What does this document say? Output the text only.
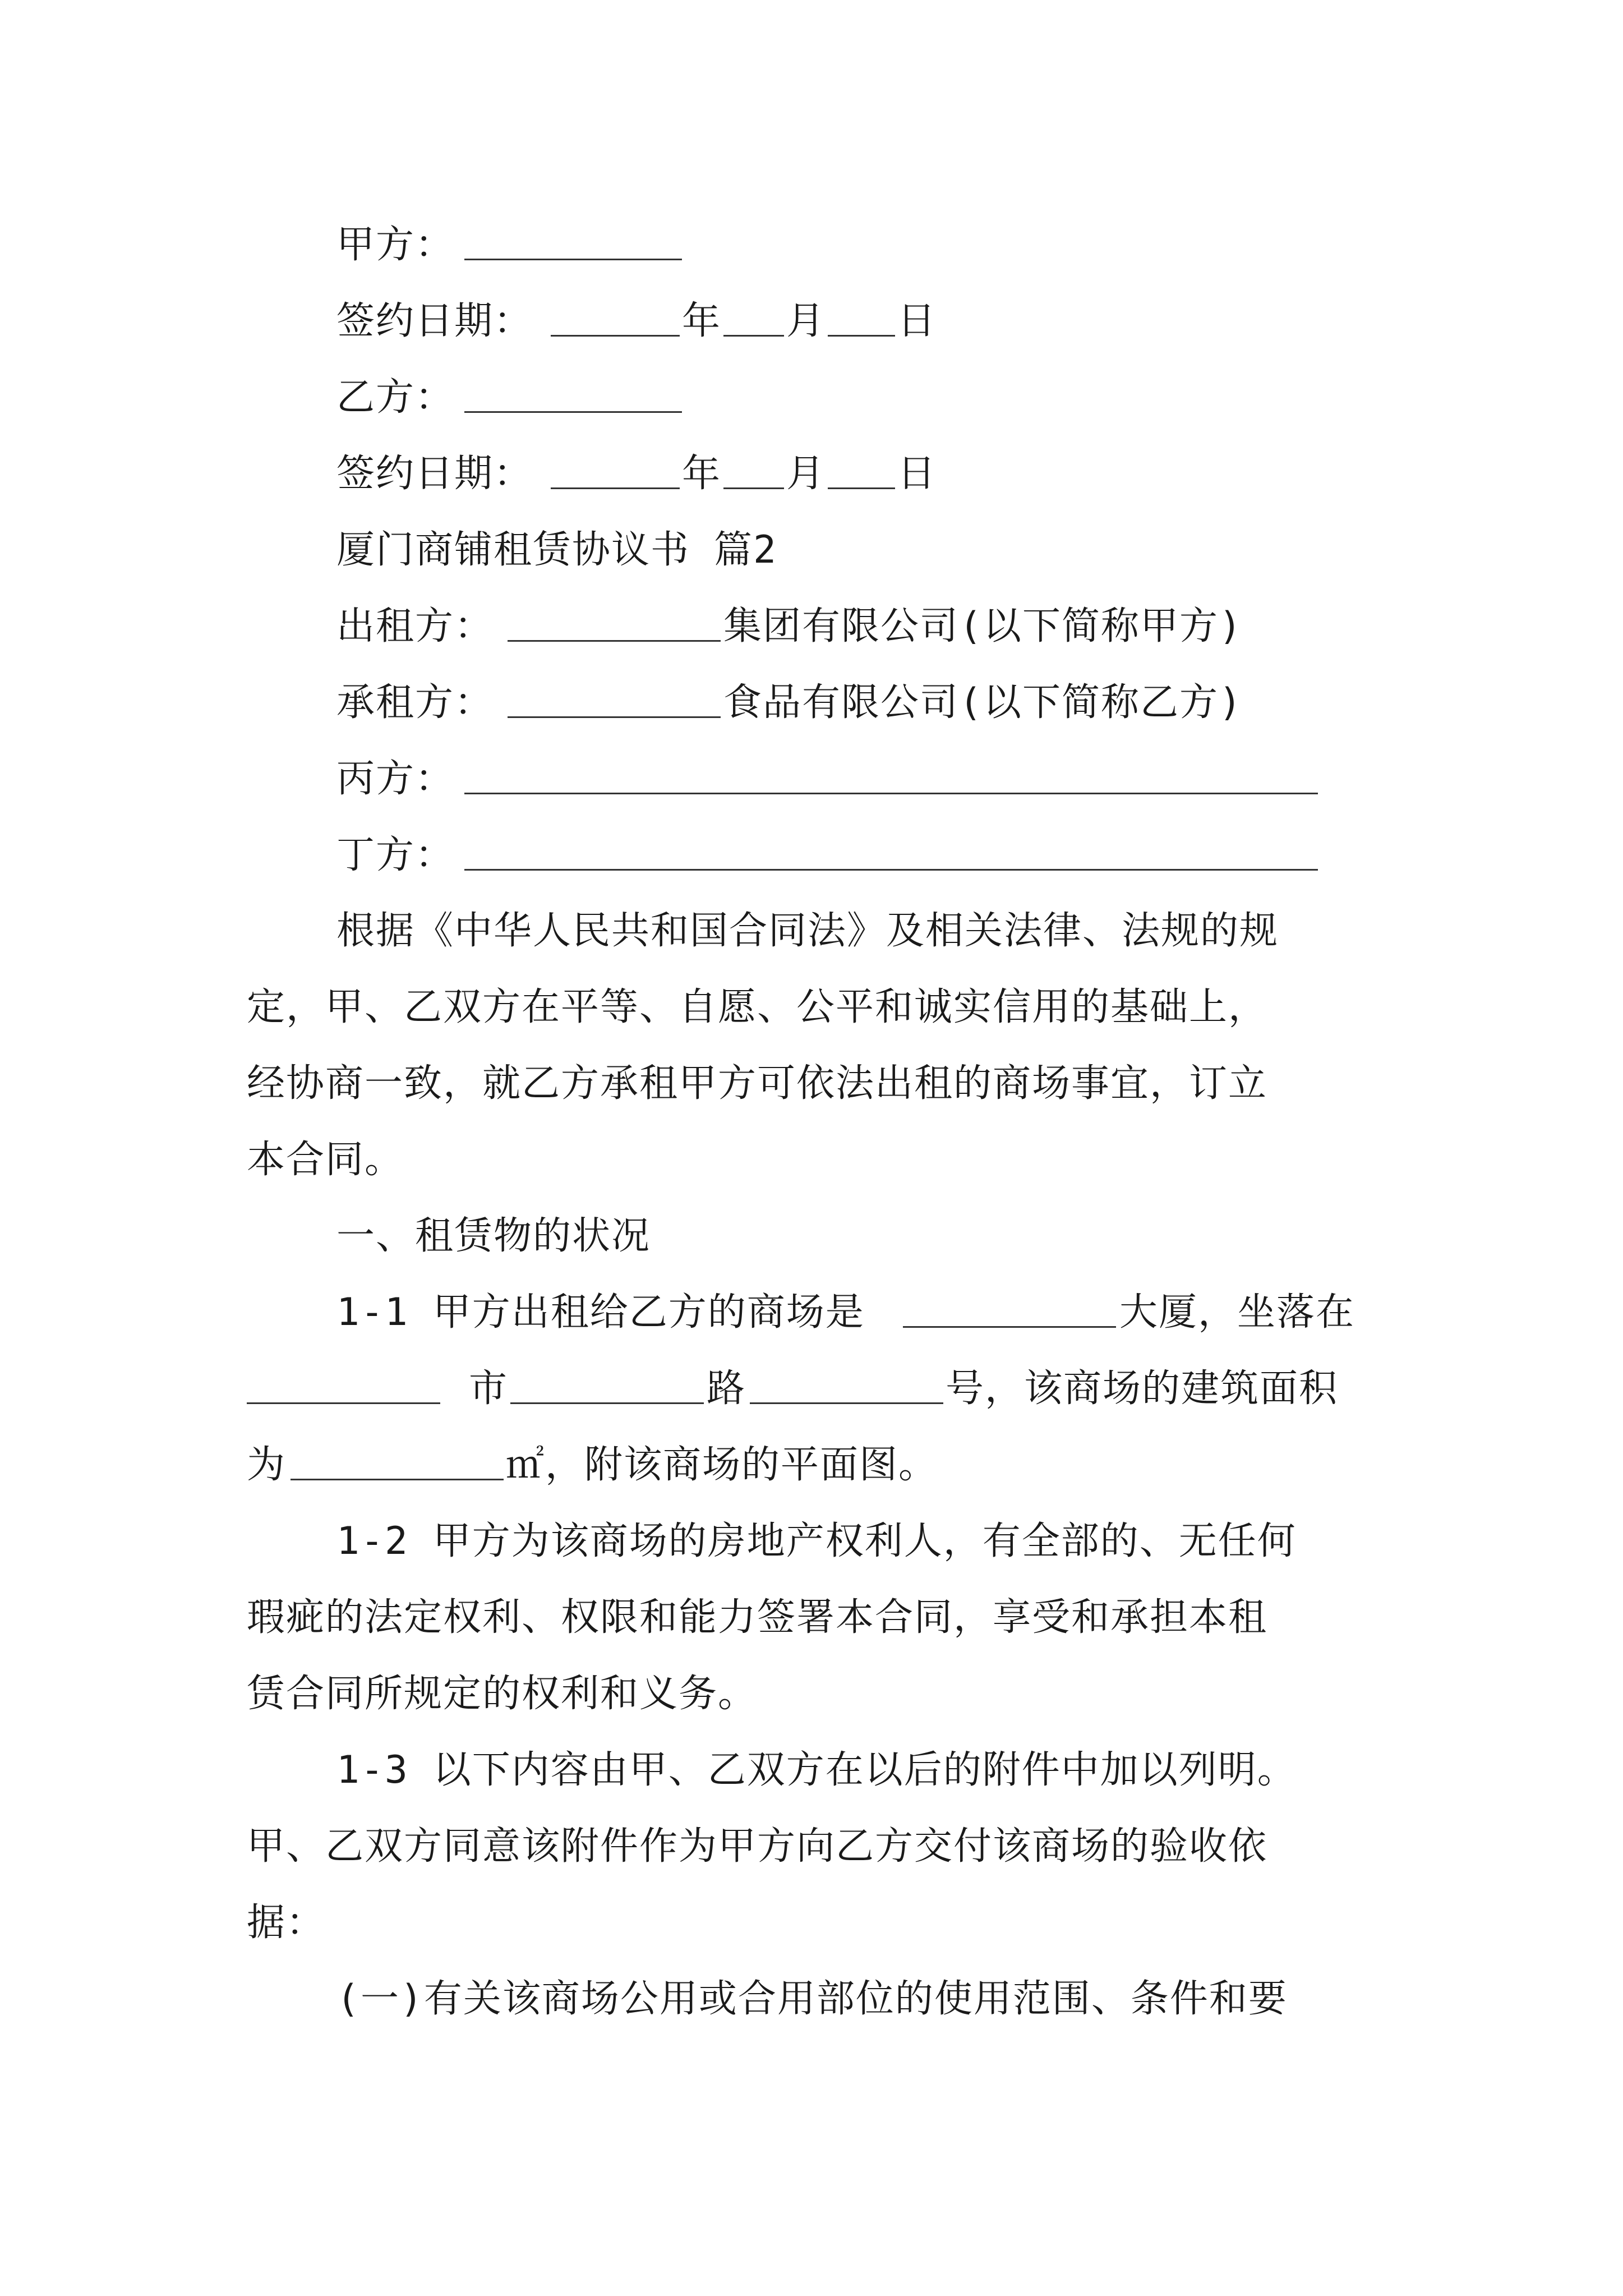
甲方：
签约日期：	年 月 日
乙方：
签约日期：	年 月 日
厦门商铺租赁协议书 篇2
出租方：	集团有限公司(以下简称甲方)
承租方：	食品有限公司(以下简称乙方)
丙方：
丁方：
根据《中华人民共和国合同法》及相关法律、法规的规
定，甲、乙双方在平等、自愿、公平和诚实信用的基础上，
经协商一致，就乙方承租甲方可依法出租的商场事宜，订立
本合同。
一、租赁物的状况
1-1 甲方出租给乙方的商场是	大厦，坐落在
市	路	号，该商场的建筑面积
为	㎡，附该商场的平面图。
1-2 甲方为该商场的房地产权利人，有全部的、无任何
瑕疵的法定权利、权限和能力签署本合同，享受和承担本租
赁合同所规定的权利和义务。
1-3 以下内容由甲、乙双方在以后的附件中加以列明。
甲、乙双方同意该附件作为甲方向乙方交付该商场的验收依
据：
(一)有关该商场公用或合用部位的使用范围、条件和要
